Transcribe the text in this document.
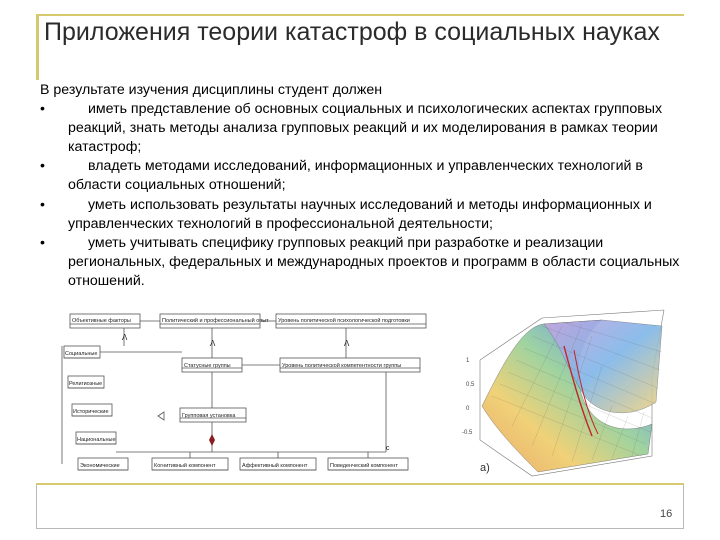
Приложения теории катастроф в социальных науках

В результате изучения дисциплины студент должен

•	иметь представление об основных социальных и психологических аспектах групповых реакций, знать методы анализа групповых реакций и их моделирования в рамках теории катастроф;
•	владеть методами исследований, информационных и управленческих технологий в области социальных отношений;
•	уметь использовать результаты научных исследований и методы информационных и управленческих технологий в профессиональной деятельности;
•	уметь учитывать специфику групповых реакций при разработке и реализации региональных, федеральных и международных проектов и программ в области социальных отношений.
Объективные факторы	Политический и профессиональный опыт Уровень политической психологической подготовки
Социальные
Религиозные
Исторические
Национальные
Статусные группы	Уровень политической компетентности группы
Групповая установка
Экономические	Когнитивный компонент	Аффективный компонент	Поведенческий компонент
Λ
Λ	Λ
c
1
0.5
0
-0.5
a)
16
